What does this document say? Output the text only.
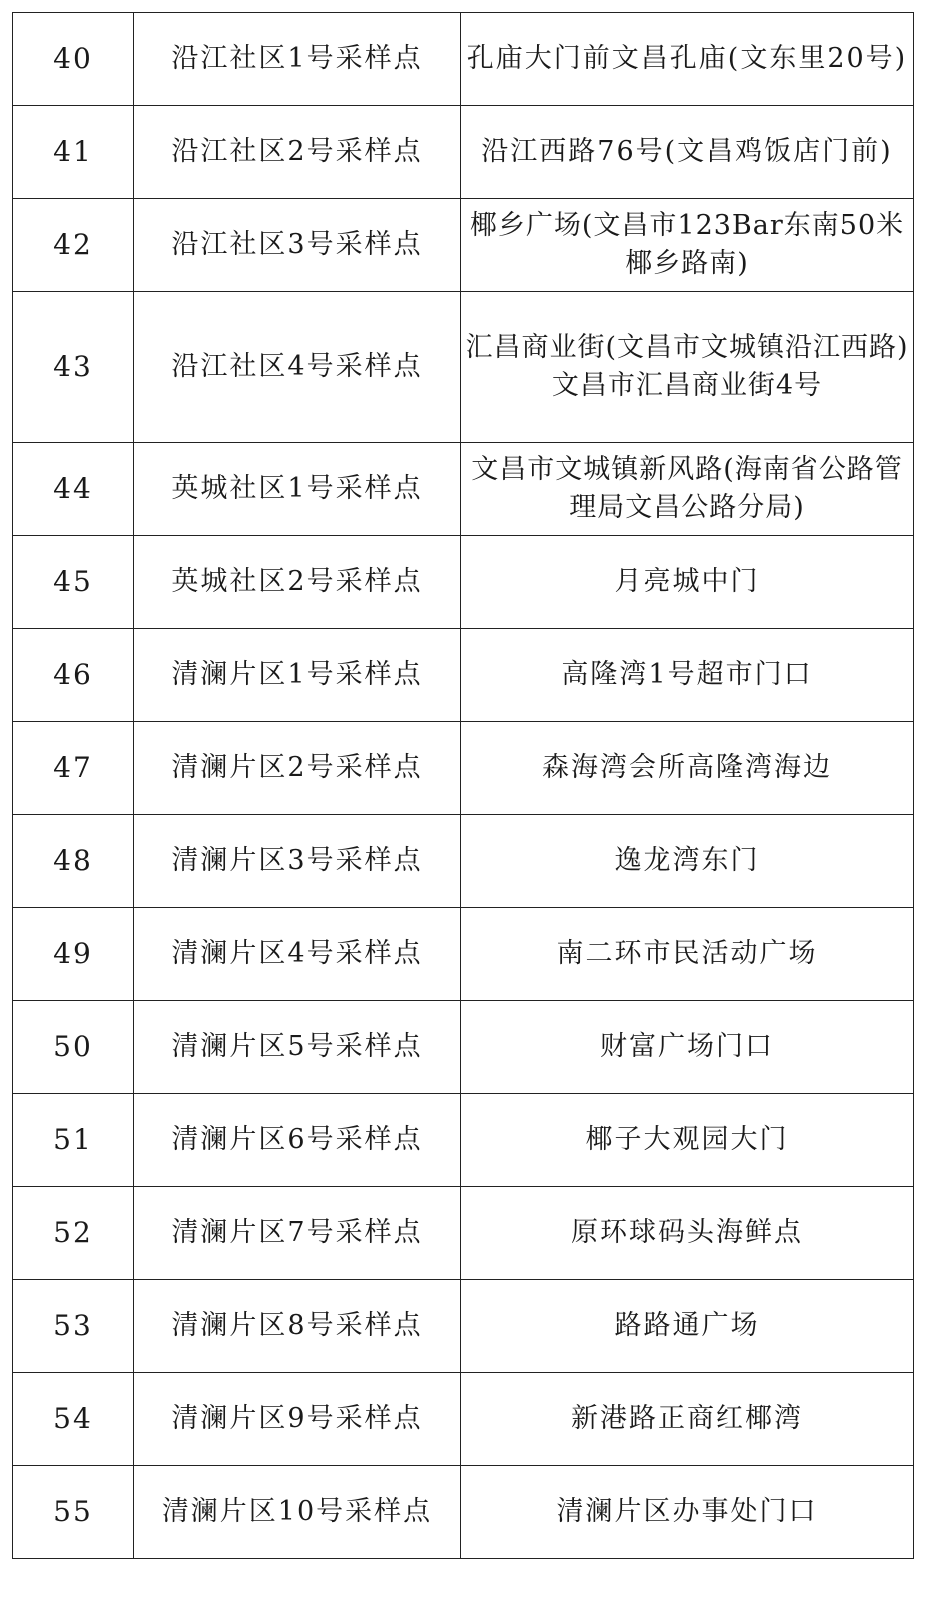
40	沿江社区1号采样点	孔庙大门前文昌孔庙(文东里20号)
41	沿江社区2号采样点	沿江西路76号(文昌鸡饭店门前)
42	沿江社区3号采样点	椰乡广场(文昌市123Bar东南50米椰乡路南)
43	沿江社区4号采样点	汇昌商业街(文昌市文城镇沿江西路)文昌市汇昌商业街4号
44	英城社区1号采样点	文昌市文城镇新风路(海南省公路管理局文昌公路分局)
45	英城社区2号采样点	月亮城中门
46	清澜片区1号采样点	高隆湾1号超市门口
47	清澜片区2号采样点	森海湾会所高隆湾海边
48	清澜片区3号采样点	逸龙湾东门
49	清澜片区4号采样点	南二环市民活动广场
50	清澜片区5号采样点	财富广场门口
51	清澜片区6号采样点	椰子大观园大门
52	清澜片区7号采样点	原环球码头海鲜点
53	清澜片区8号采样点	路路通广场
54	清澜片区9号采样点	新港路正商红椰湾
55	清澜片区10号采样点	清澜片区办事处门口
